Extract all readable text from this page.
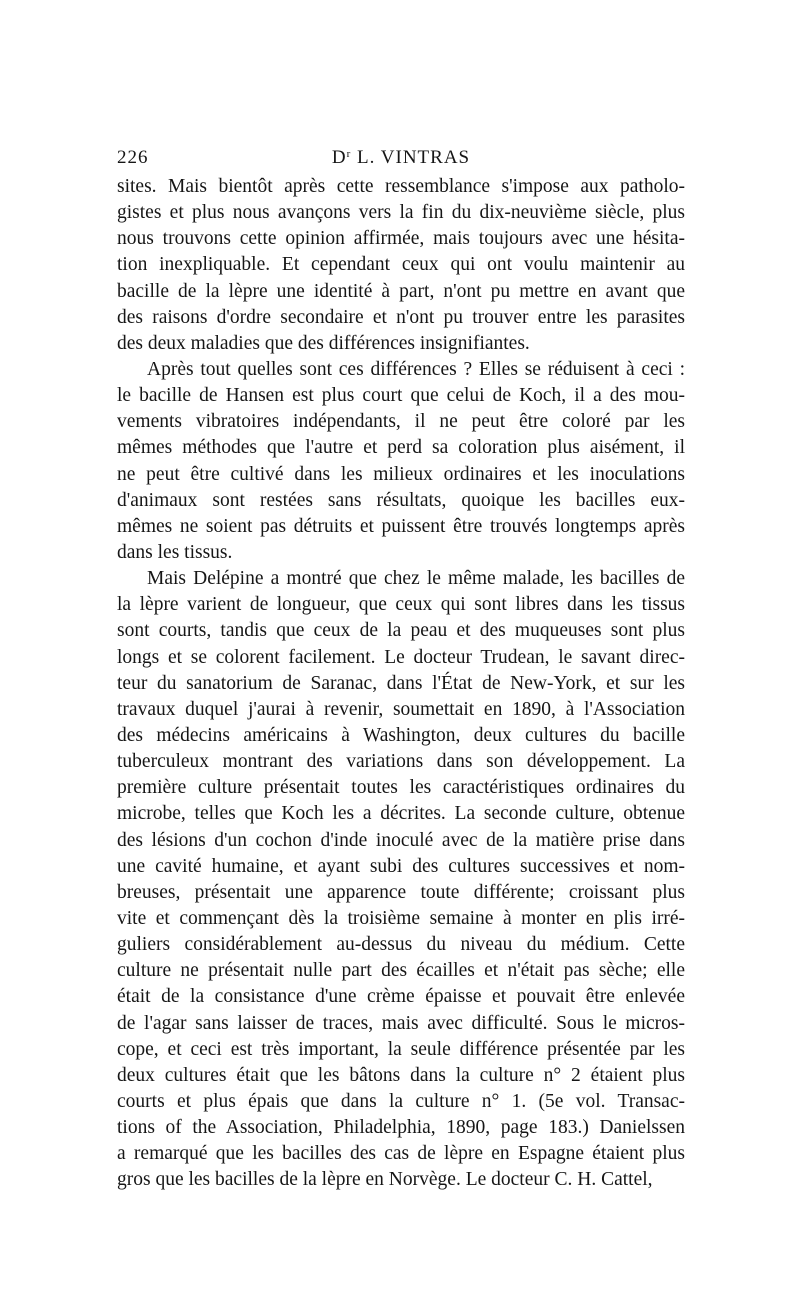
226	$D^r$ L. VINTRAS
sites. Mais bientôt après cette ressemblance s'impose aux patholo-
gistes et plus nous avançons vers la fin du dix-neuvième siècle, plus
nous trouvons cette opinion affirmée, mais toujours avec une hésita-
tion inexpliquable. Et cependant ceux qui ont voulu maintenir au
bacille de la lèpre une identité à part, n'ont pu mettre en avant que
des raisons d'ordre secondaire et n'ont pu trouver entre les parasites
des deux maladies que des différences insignifiantes.
Après tout quelles sont ces différences ? Elles se réduisent à ceci :
le bacille de Hansen est plus court que celui de Koch, il a des mou-
vements vibratoires indépendants, il ne peut être coloré par les
mêmes méthodes que l'autre et perd sa coloration plus aisément, il
ne peut être cultivé dans les milieux ordinaires et les inoculations
d'animaux sont restées sans résultats, quoique les bacilles eux-
mêmes ne soient pas détruits et puissent être trouvés longtemps après
dans les tissus.
Mais Delépine a montré que chez le même malade, les bacilles de
la lèpre varient de longueur, que ceux qui sont libres dans les tissus
sont courts, tandis que ceux de la peau et des muqueuses sont plus
longs et se colorent facilement. Le docteur Trudean, le savant direc-
teur du sanatorium de Saranac, dans l'État de New-York, et sur les
travaux duquel j'aurai à revenir, soumettait en 1890, à l'Association
des médecins américains à Washington, deux cultures du bacille
tuberculeux montrant des variations dans son développement. La
première culture présentait toutes les caractéristiques ordinaires du
microbe, telles que Koch les a décrites. La seconde culture, obtenue
des lésions d'un cochon d'inde inoculé avec de la matière prise dans
une cavité humaine, et ayant subi des cultures successives et nom-
breuses, présentait une apparence toute différente; croissant plus
vite et commençant dès la troisième semaine à monter en plis irré-
guliers considérablement au-dessus du niveau du médium. Cette
culture ne présentait nulle part des écailles et n'était pas sèche; elle
était de la consistance d'une crème épaisse et pouvait être enlevée
de l'agar sans laisser de traces, mais avec difficulté. Sous le micros-
cope, et ceci est très important, la seule différence présentée par les
deux cultures était que les bâtons dans la culture n° 2 étaient plus
courts et plus épais que dans la culture n° 1. (5e vol. Transac-
tions of the Association, Philadelphia, 1890, page 183.) Danielssen
a remarqué que les bacilles des cas de lèpre en Espagne étaient plus
gros que les bacilles de la lèpre en Norvège. Le docteur C. H. Cattel,
